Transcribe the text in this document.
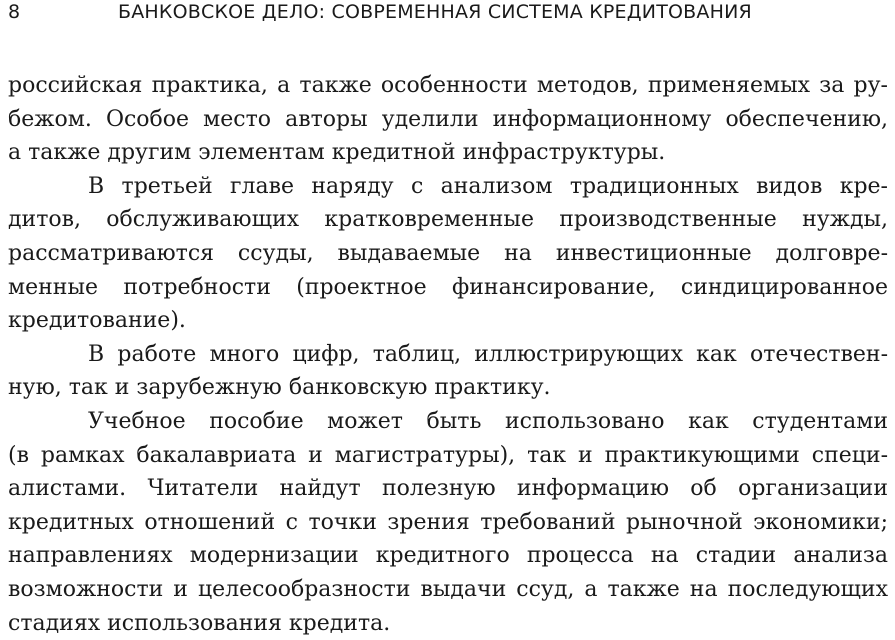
8	БАНКОВСКОЕ ДЕЛО: СОВРЕМЕННАЯ СИСТЕМА КРЕДИТОВАНИЯ
российская практика, а также особенности методов, применяемых за ру-
бежом. Особое место авторы уделили информационному обеспечению,
а также другим элементам кредитной инфраструктуры.
В третьей главе наряду с анализом традиционных видов кре-
дитов, обслуживающих кратковременные производственные нужды,
рассматриваются ссуды, выдаваемые на инвестиционные долговре-
менные потребности (проектное финансирование, синдицированное
кредитование).
В работе много цифр, таблиц, иллюстрирующих как отечествен-
ную, так и зарубежную банковскую практику.
Учебное пособие может быть использовано как студентами
(в рамках бакалавриата и магистратуры), так и практикующими специ-
алистами. Читатели найдут полезную информацию об организации
кредитных отношений с точки зрения требований рыночной экономики;
направлениях модернизации кредитного процесса на стадии анализа
возможности и целесообразности выдачи ссуд, а также на последующих
стадиях использования кредита.
